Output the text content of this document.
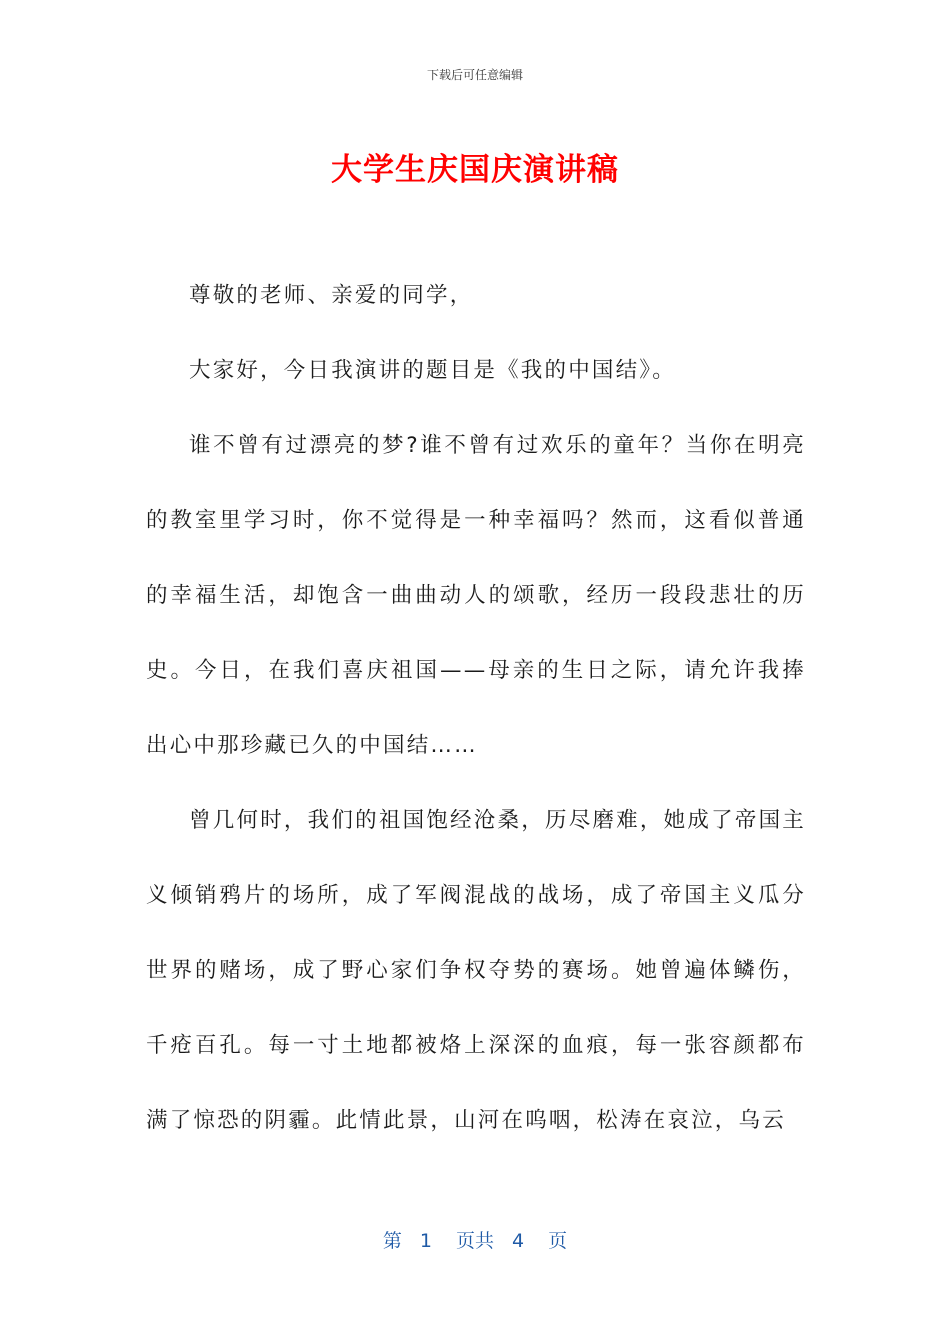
下载后可任意编辑
大学生庆国庆演讲稿

尊敬的老师、亲爱的同学，

大家好，今日我演讲的题目是《我的中国结》。

谁不曾有过漂亮的梦?谁不曾有过欢乐的童年？当你在明亮的教室里学习时，你不觉得是一种幸福吗？然而，这看似普通的幸福生活，却饱含一曲曲动人的颂歌，经历一段段悲壮的历史。今日，在我们喜庆祖国——母亲的生日之际，请允许我捧出心中那珍藏已久的中国结……

曾几何时，我们的祖国饱经沧桑，历尽磨难，她成了帝国主义倾销鸦片的场所，成了军阀混战的战场，成了帝国主义瓜分世界的赌场，成了野心家们争权夺势的赛场。她曾遍体鳞伤，千疮百孔。每一寸土地都被烙上深深的血痕，每一张容颜都布满了惊恐的阴霾。此情此景，山河在呜咽，松涛在哀泣，乌云

第 1 页共 4 页
